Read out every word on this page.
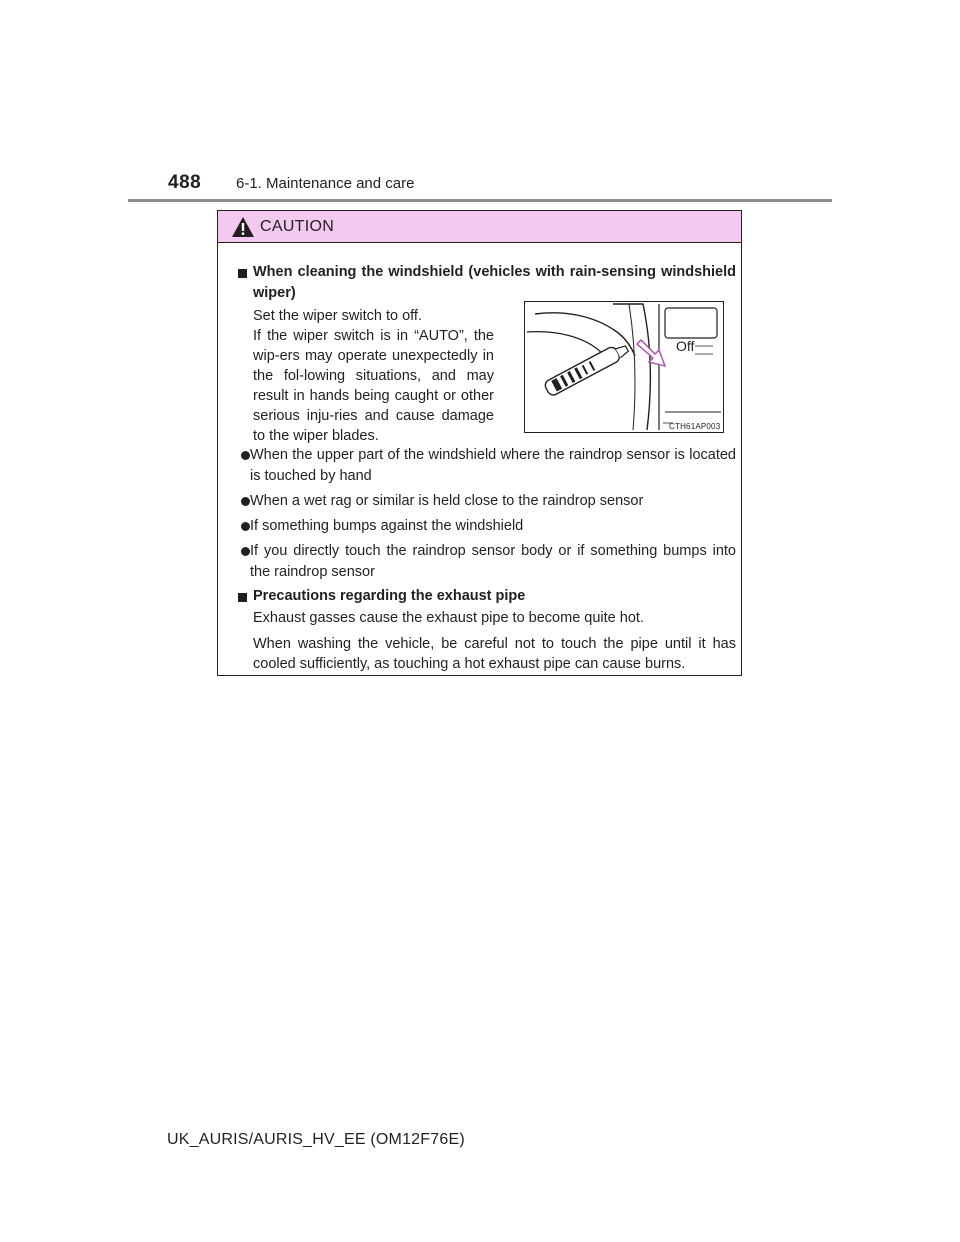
488 6-1. Maintenance and care
CAUTION
When cleaning the windshield (vehicles with rain-sensing windshield wiper)
Set the wiper switch to off.
If the wiper switch is in “AUTO”, the wip-ers may operate unexpectedly in the fol-lowing situations, and may result in hands being caught or other serious inju-ries and cause damage to the wiper blades.
When the upper part of the windshield where the raindrop sensor is located is touched by hand
When a wet rag or similar is held close to the raindrop sensor
If something bumps against the windshield
If you directly touch the raindrop sensor body or if something bumps into the raindrop sensor
Precautions regarding the exhaust pipe
Exhaust gasses cause the exhaust pipe to become quite hot.
When washing the vehicle, be careful not to touch the pipe until it has cooled sufficiently, as touching a hot exhaust pipe can cause burns.
Off
CTH61AP003
UK_AURIS/AURIS_HV_EE (OM12F76E)
